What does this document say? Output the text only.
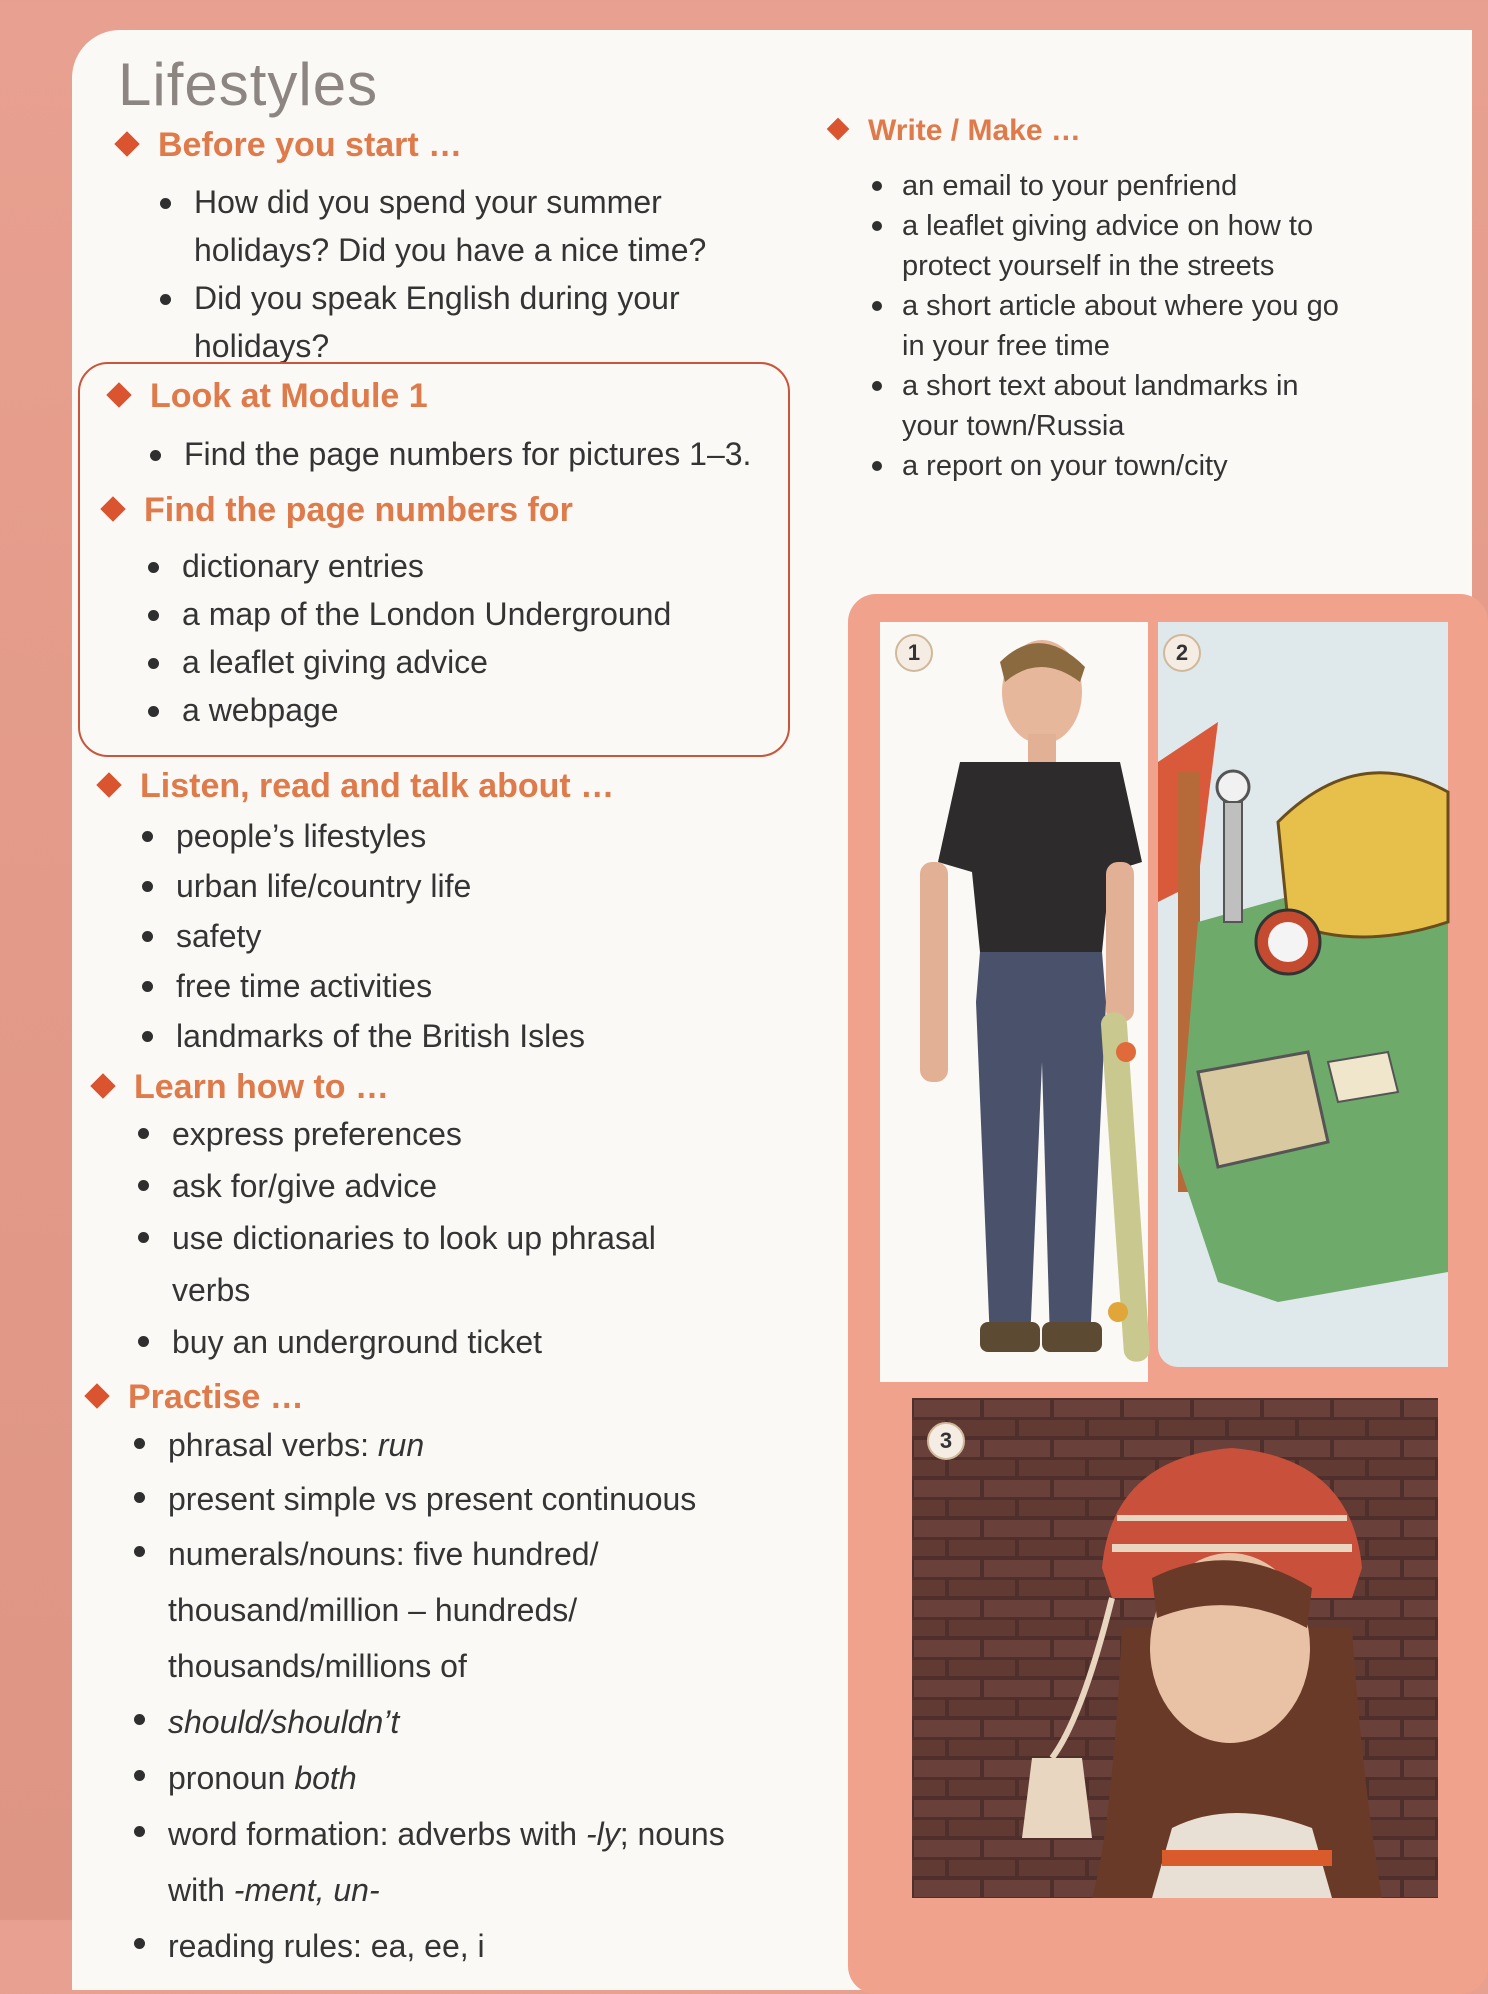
Lifestyles
Before you start …
How did you spend your summer holidays? Did you have a nice time?
Did you speak English during your holidays?
Look at Module 1
Find the page numbers for pictures 1–3.
Find the page numbers for
dictionary entries
a map of the London Underground
a leaflet giving advice
a webpage
Listen, read and talk about …
people’s lifestyles
urban life/country life
safety
free time activities
landmarks of the British Isles
Learn how to …
express preferences
ask for/give advice
use dictionaries to look up phrasal verbs
buy an underground ticket
Practise …
phrasal verbs: run
present simple vs present continuous
numerals/nouns: five hundred/ thousand/million – hundreds/ thousands/millions of
should/shouldn’t
pronoun both
word formation: adverbs with -ly; nouns with -ment, un-
reading rules: ea, ee, i
Write / Make …
an email to your penfriend
a leaflet giving advice on how to protect yourself in the streets
a short article about where you go in your free time
a short text about landmarks in your town/Russia
a report on your town/city
1	2
3
